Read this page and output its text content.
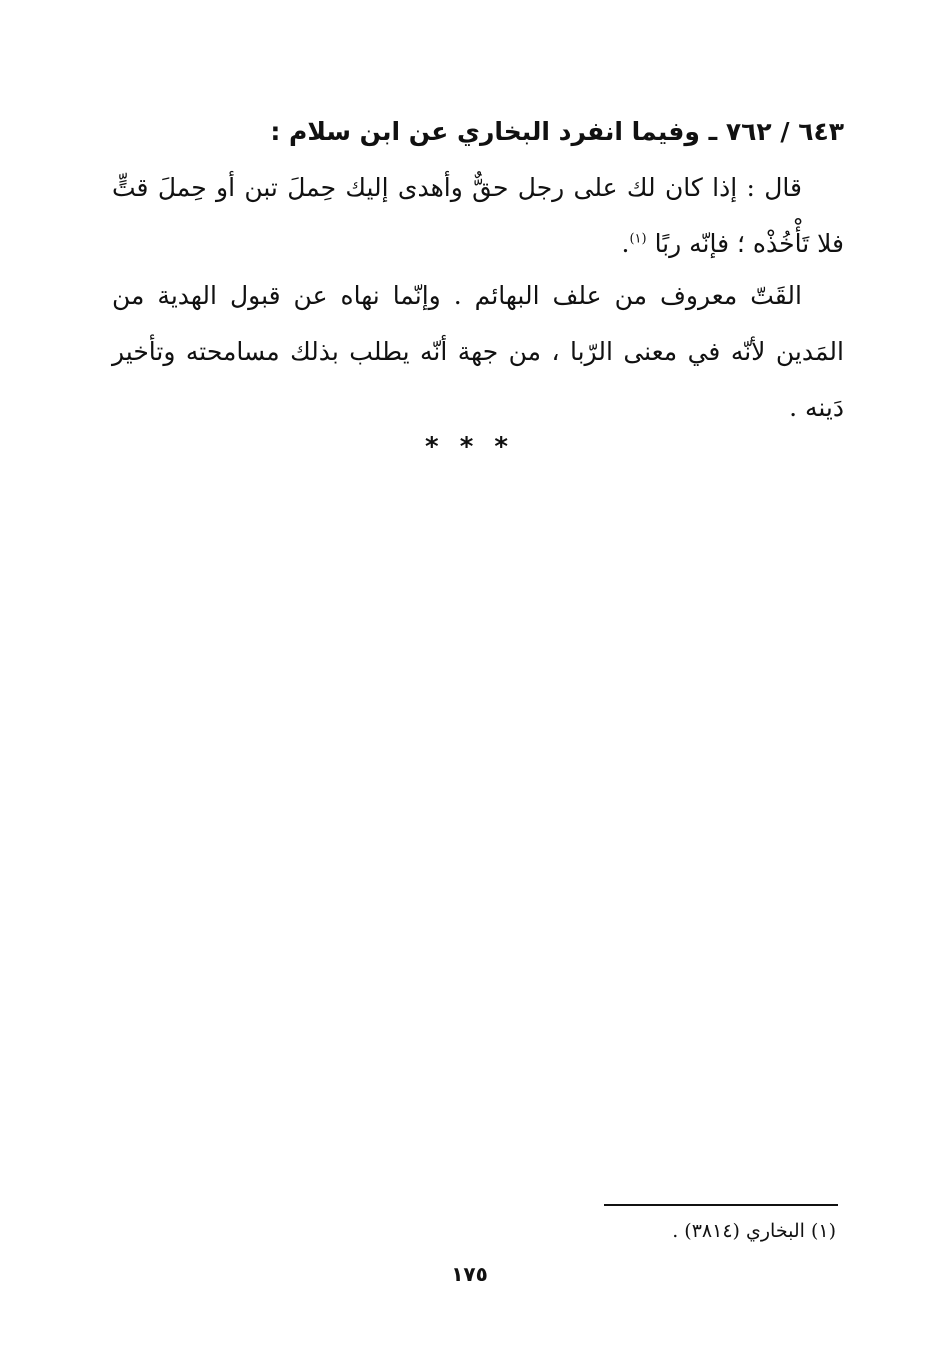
٦٤٣ / ٧٦٢ ـ وفيما انفرد البخاري عن ابن سلام :

قال : إذا كان لك على رجل حقٌّ وأهدى إليك حِملَ تبن أو حِملَ قتٍّ فلا تَأْخُذْه ؛ فإنّه ربًا $^{(١)}$.

القَتّ معروف من علف البهائم . وإنّما نهاه عن قبول الهدية من المَدين لأنّه في معنى الرّبا ، من جهة أنّه يطلب بذلك مسامحته وتأخير دَينه .

* * *
(١) البخاري (٣٨١٤) .
١٧٥
